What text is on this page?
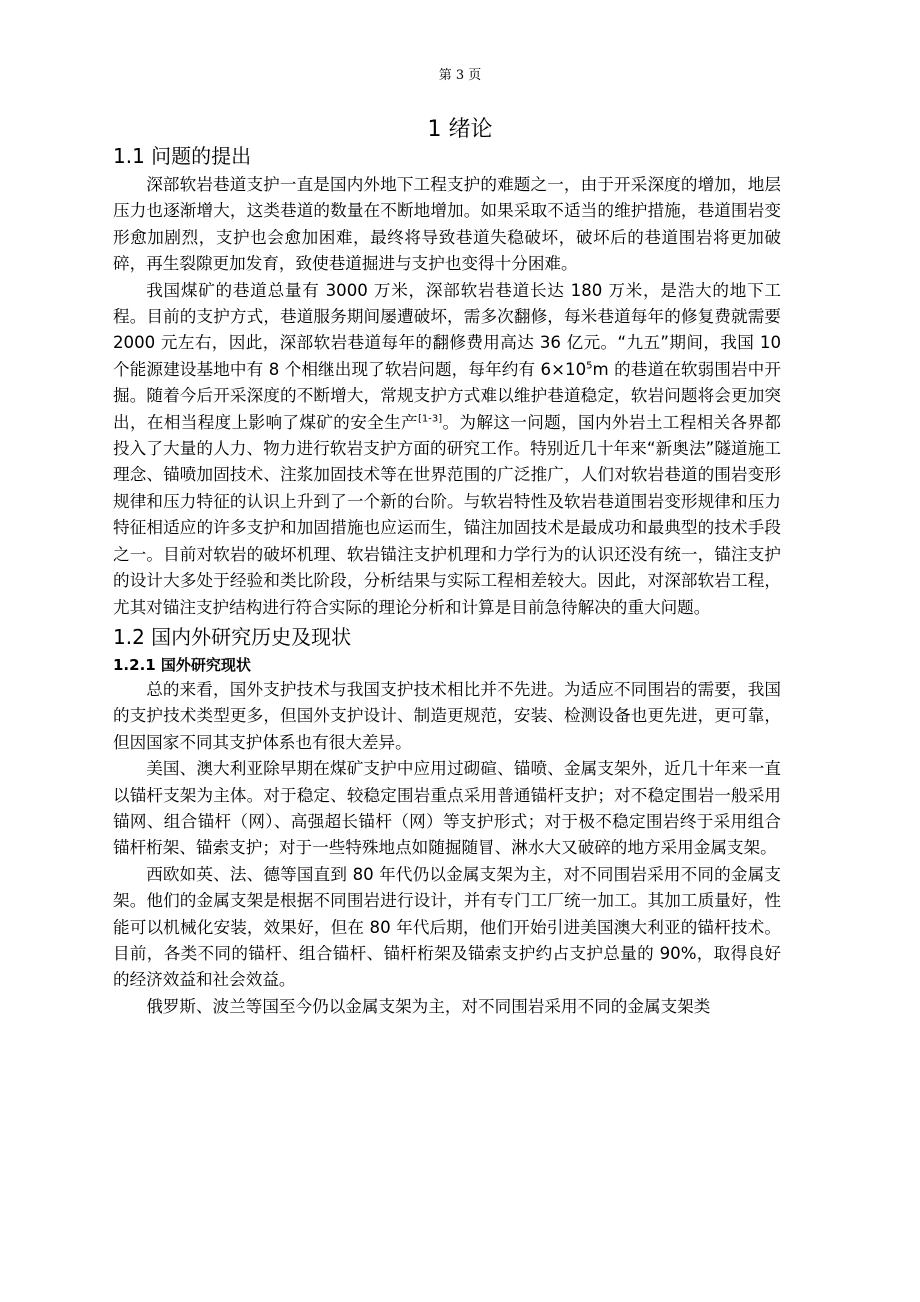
第 3 页
1 绪论
1.1 问题的提出

深部软岩巷道支护一直是国内外地下工程支护的难题之一，由于开采深度的增加，地层压力也逐渐增大，这类巷道的数量在不断地增加。如果采取不适当的维护措施，巷道围岩变形愈加剧烈，支护也会愈加困难，最终将导致巷道失稳破坏，破坏后的巷道围岩将更加破碎，再生裂隙更加发育，致使巷道掘进与支护也变得十分困难。

我国煤矿的巷道总量有 3000 万米，深部软岩巷道长达 180 万米，是浩大的地下工程。目前的支护方式，巷道服务期间屡遭破坏，需多次翻修，每米巷道每年的修复费就需要 2000 元左右，因此，深部软岩巷道每年的翻修费用高达 36 亿元。“九五”期间，我国 10 个能源建设基地中有 8 个相继出现了软岩问题，每年约有 $6\times 10^5m$ 的巷道在软弱围岩中开掘。随着今后开采深度的不断增大，常规支护方式难以维护巷道稳定，软岩问题将会更加突出，在相当程度上影响了煤矿的安全生产[1-3]。为解这一问题，国内外岩土工程相关各界都投入了大量的人力、物力进行软岩支护方面的研究工作。特别近几十年来“新奥法”隧道施工理念、锚喷加固技术、注浆加固技术等在世界范围的广泛推广，人们对软岩巷道的围岩变形规律和压力特征的认识上升到了一个新的台阶。与软岩特性及软岩巷道围岩变形规律和压力特征相适应的许多支护和加固措施也应运而生，锚注加固技术是最成功和最典型的技术手段之一。目前对软岩的破坏机理、软岩锚注支护机理和力学行为的认识还没有统一，锚注支护的设计大多处于经验和类比阶段，分析结果与实际工程相差较大。因此，对深部软岩工程，尤其对锚注支护结构进行符合实际的理论分析和计算是目前急待解决的重大问题。

1.2 国内外研究历史及现状
1.2.1 国外研究现状

总的来看，国外支护技术与我国支护技术相比并不先进。为适应不同围岩的需要，我国的支护技术类型更多，但国外支护设计、制造更规范，安装、检测设备也更先进，更可靠，但因国家不同其支护体系也有很大差异。

美国、澳大利亚除早期在煤矿支护中应用过砌碹、锚喷、金属支架外，近几十年来一直以锚杆支架为主体。对于稳定、较稳定围岩重点采用普通锚杆支护；对不稳定围岩一般采用锚网、组合锚杆（网）、高强超长锚杆（网）等支护形式；对于极不稳定围岩终于采用组合锚杆桁架、锚索支护；对于一些特殊地点如随掘随冒、淋水大又破碎的地方采用金属支架。

西欧如英、法、德等国直到 80 年代仍以金属支架为主，对不同围岩采用不同的金属支架。他们的金属支架是根据不同围岩进行设计，并有专门工厂统一加工。其加工质量好，性能可以机械化安装，效果好，但在 80 年代后期，他们开始引进美国澳大利亚的锚杆技术。目前，各类不同的锚杆、组合锚杆、锚杆桁架及锚索支护约占支护总量的 90%，取得良好的经济效益和社会效益。

俄罗斯、波兰等国至今仍以金属支架为主，对不同围岩采用不同的金属支架类
